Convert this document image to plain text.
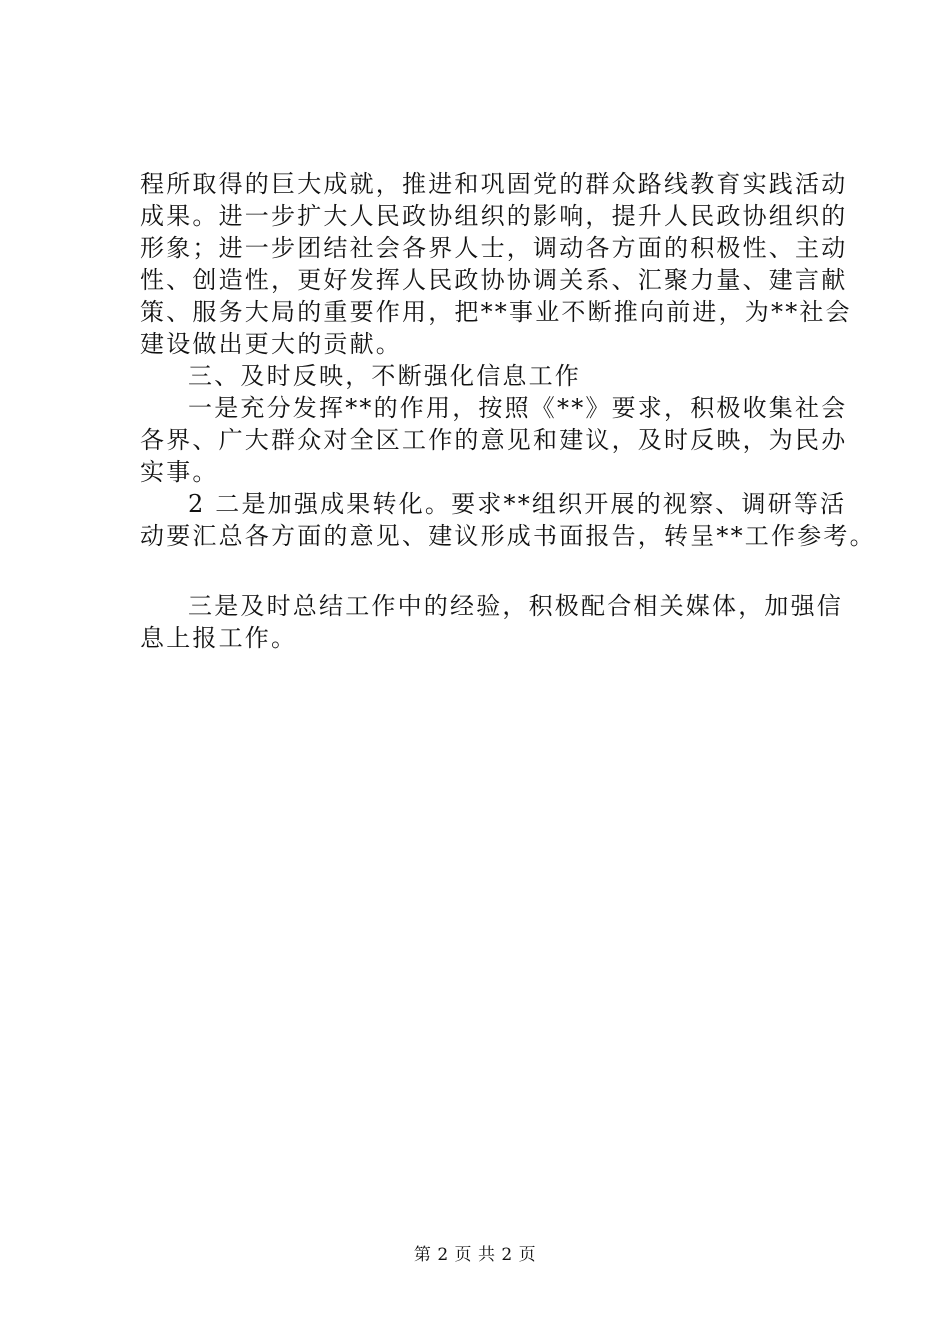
程所取得的巨大成就，推进和巩固党的群众路线教育实践活动
成果。进一步扩大人民政协组织的影响，提升人民政协组织的
形象；进一步团结社会各界人士，调动各方面的积极性、主动
性、创造性，更好发挥人民政协协调关系、汇聚力量、建言献
策、服务大局的重要作用，把**事业不断推向前进，为**社会
建设做出更大的贡献。
三、及时反映，不断强化信息工作
一是充分发挥**的作用，按照《**》要求，积极收集社会
各界、广大群众对全区工作的意见和建议，及时反映，为民办
实事。
2 二是加强成果转化。要求**组织开展的视察、调研等活
动要汇总各方面的意见、建议形成书面报告，转呈**工作参考。
三是及时总结工作中的经验，积极配合相关媒体，加强信
息上报工作。
第 2 页 共 2 页
